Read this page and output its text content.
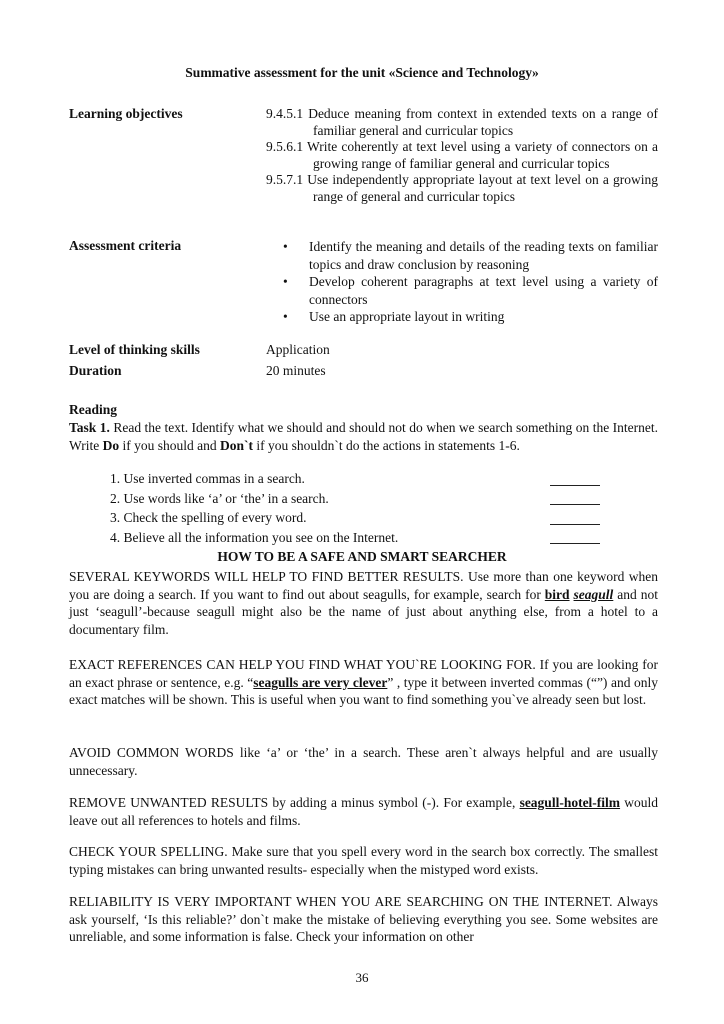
Summative assessment for the unit «Science and Technology»
Learning objectives	9.4.5.1 Deduce meaning from context in extended texts on a range of familiar general and curricular topics

9.5.6.1 Write coherently at text level using a variety of connectors on a growing range of familiar general and curricular topics

9.5.7.1 Use independently appropriate layout at text level on a growing range of general and curricular topics

Assessment criteria	• Identify the meaning and details of the reading texts on familiar topics and draw conclusion by reasoning
• Develop coherent paragraphs at text level using a variety of connectors
• Use an appropriate layout in writing
Level of thinking skills	Application
Duration	20 minutes
Reading
Task 1. Read the text. Identify what we should and should not do when we search something on the Internet. Write Do if you should and Don`t if you shouldn`t do the actions in statements 1-6.
1. Use inverted commas in a search.
2. Use words like ‘a’ or ‘the’ in a search.
3. Check the spelling of every word.
4. Believe all the information you see on the Internet.
HOW TO BE A SAFE AND SMART SEARCHER

SEVERAL KEYWORDS WILL HELP TO FIND BETTER RESULTS. Use more than one keyword when you are doing a search. If you want to find out about seagulls, for example, search for bird seagull and not just ‘seagull’-because seagull might also be the name of just about anything else, from a hotel to a documentary film.

EXACT REFERENCES CAN HELP YOU FIND WHAT YOU`RE LOOKING FOR. If you are looking for an exact phrase or sentence, e.g. “seagulls are very clever” , type it between inverted commas (“”) and only exact matches will be shown. This is useful when you want to find something you`ve already seen but lost.

AVOID COMMON WORDS like ‘a’ or ‘the’ in a search. These aren`t always helpful and are usually unnecessary.

REMOVE UNWANTED RESULTS by adding a minus symbol (-). For example, seagull-hotel-film would leave out all references to hotels and films.

CHECK YOUR SPELLING. Make sure that you spell every word in the search box correctly. The smallest typing mistakes can bring unwanted results- especially when the mistyped word exists.

RELIABILITY IS VERY IMPORTANT WHEN YOU ARE SEARCHING ON THE INTERNET. Always ask yourself, ‘Is this reliable?’ don`t make the mistake of believing everything you see. Some websites are unreliable, and some information is false. Check your information on other

36
